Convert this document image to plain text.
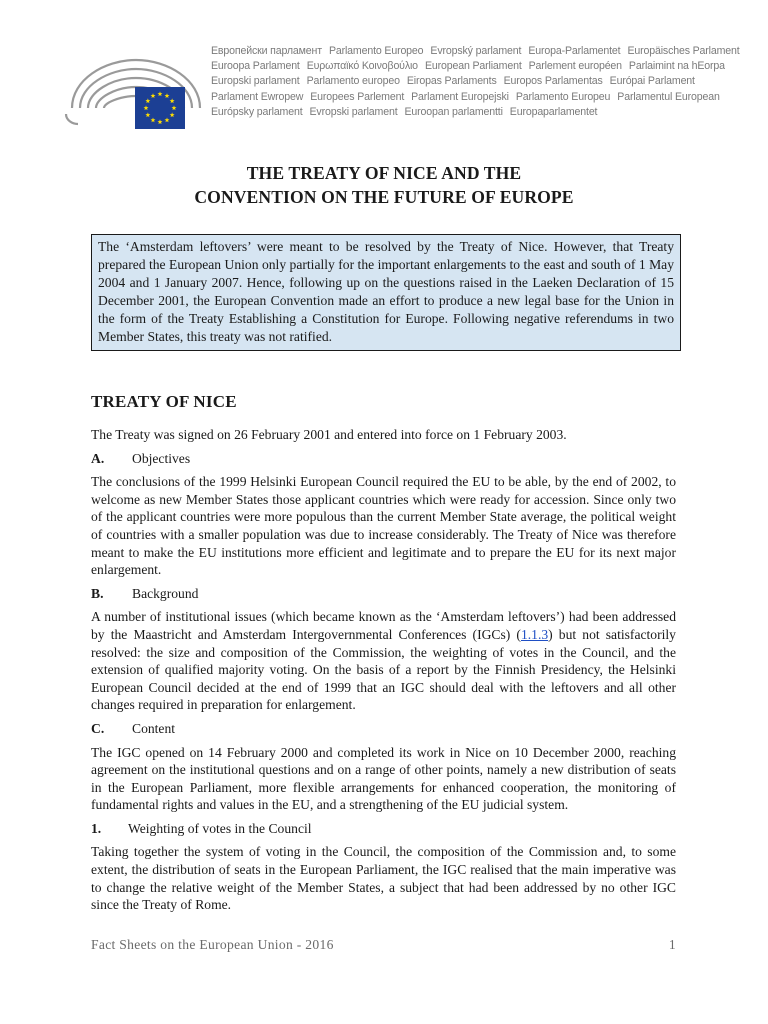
Европейски парламент Parlamento Europeo Evropský parlament Europa-Parlamentet Europäisches Parlament
Euroopa Parlament Ευρωπαϊκό Κοινοβούλιο European Parliament Parlement européen Parlaimint na hEorpa
Europski parlament Parlamento europeo Eiropas Parlaments Europos Parlamentas Európai Parlament
Parlament Ewropew Europees Parlement Parlament Europejski Parlamento Europeu Parlamentul European
Európsky parlament Evropski parlament Euroopan parlamentti Europaparlamentet
THE TREATY OF NICE AND THE
CONVENTION ON THE FUTURE OF EUROPE
The ‘Amsterdam leftovers’ were meant to be resolved by the Treaty of Nice. However, that Treaty prepared the European Union only partially for the important enlargements to the east and south of 1 May 2004 and 1 January 2007. Hence, following up on the questions raised in the Laeken Declaration of 15 December 2001, the European Convention made an effort to produce a new legal base for the Union in the form of the Treaty Establishing a Constitution for Europe. Following negative referendums in two Member States, this treaty was not ratified.
TREATY OF NICE
The Treaty was signed on 26 February 2001 and entered into force on 1 February 2003.
A. Objectives
The conclusions of the 1999 Helsinki European Council required the EU to be able, by the end of 2002, to welcome as new Member States those applicant countries which were ready for accession. Since only two of the applicant countries were more populous than the current Member State average, the political weight of countries with a smaller population was due to increase considerably. The Treaty of Nice was therefore meant to make the EU institutions more efficient and legitimate and to prepare the EU for its next major enlargement.
B. Background
A number of institutional issues (which became known as the ‘Amsterdam leftovers’) had been addressed by the Maastricht and Amsterdam Intergovernmental Conferences (IGCs) (1.1.3) but not satisfactorily resolved: the size and composition of the Commission, the weighting of votes in the Council, and the extension of qualified majority voting. On the basis of a report by the Finnish Presidency, the Helsinki European Council decided at the end of 1999 that an IGC should deal with the leftovers and all other changes required in preparation for enlargement.
C. Content
The IGC opened on 14 February 2000 and completed its work in Nice on 10 December 2000, reaching agreement on the institutional questions and on a range of other points, namely a new distribution of seats in the European Parliament, more flexible arrangements for enhanced cooperation, the monitoring of fundamental rights and values in the EU, and a strengthening of the EU judicial system.
1. Weighting of votes in the Council
Taking together the system of voting in the Council, the composition of the Commission and, to some extent, the distribution of seats in the European Parliament, the IGC realised that the main imperative was to change the relative weight of the Member States, a subject that had been addressed by no other IGC since the Treaty of Rome.
Fact Sheets on the European Union - 2016	1
